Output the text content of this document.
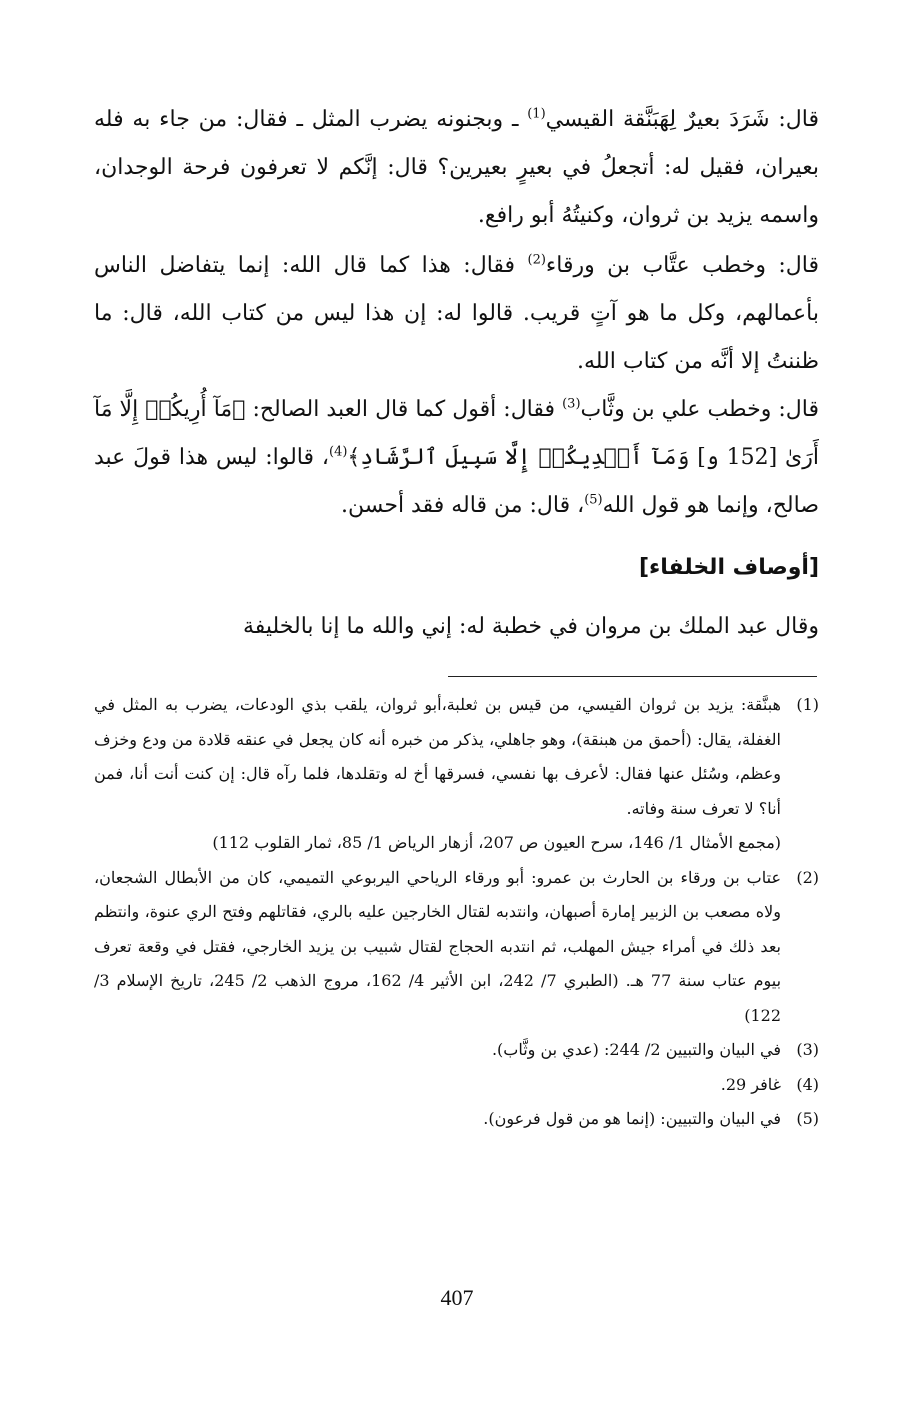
قال: شَرَدَ بعيرٌ لِهَبَنَّقة القيسي$^{(1)}$ ـ وبجنونه يضرب المثل ـ فقال: من جاء به فله بعيران، فقيل له: أتجعلُ في بعيرٍ بعيرين؟ قال: إنَّكم لا تعرفون فرحة الوجدان، واسمه يزيد بن ثروان، وكنيتُهُ أبو رافع.

قال: وخطب عتَّاب بن ورقاء$^{(2)}$ فقال: هذا كما قال الله: إنما يتفاضل الناس بأعمالهم، وكل ما هو آتٍ قريب. قالوا له: إن هذا ليس من كتاب الله، قال: ما ظننتُ إلا أنَّه من كتاب الله.

قال: وخطب علي بن وثَّاب$^{(3)}$ فقال: أقول كما قال العبد الصالح: ﴿مَآ أُرِيكُمۡ إِلَّا مَآ أَرَىٰ [152 و] وَمَآ أَهۡدِيكُمۡ إِلَّا سَبِيلَ ٱلرَّشَادِ﴾$^{(4)}$، قالوا: ليس هذا قولَ عبد صالح، وإنما هو قول الله$^{(5)}$، قال: من قاله فقد أحسن.

[أوصاف الخلفاء]

وقال عبد الملك بن مروان في خطبة له: إني والله ما إنا بالخليفة

(1)

هبنَّقة: يزيد بن ثروان القيسي، من قيس بن ثعلبة،أبو ثروان، يلقب بذي الودعات، يضرب به المثل في الغفلة، يقال: (أحمق من هبنقة)، وهو جاهلي، يذكر من خبره أنه كان يجعل في عنقه قلادة من ودع وخزف وعظم، وسُئل عنها فقال: لأعرف بها نفسي، فسرقها أخ له وتقلدها، فلما رآه قال: إن كنت أنت أنا، فمن أنا؟ لا تعرف سنة وفاته.

(مجمع الأمثال 1/ 146، سرح العيون ص 207، أزهار الرياض 1/ 85، ثمار القلوب 112)

(2)

عتاب بن ورقاء بن الحارث بن عمرو: أبو ورقاء الرياحي اليربوعي التميمي، كان من الأبطال الشجعان، ولاه مصعب بن الزبير إمارة أصبهان، وانتدبه لقتال الخارجين عليه بالري، فقاتلهم وفتح الري عنوة، وانتظم بعد ذلك في أمراء جيش المهلب، ثم انتدبه الحجاج لقتال شبيب بن يزيد الخارجي، فقتل في وقعة تعرف بيوم عتاب سنة 77 هـ. (الطبري 7/ 242، ابن الأثير 4/ 162، مروج الذهب 2/ 245، تاريخ الإسلام 3/ 122)

(3)

في البيان والتبيين 2/ 244: (عدي بن وثَّاب).

(4)

غافر 29.

(5)

في البيان والتبيين: (إنما هو من قول فرعون).

407
